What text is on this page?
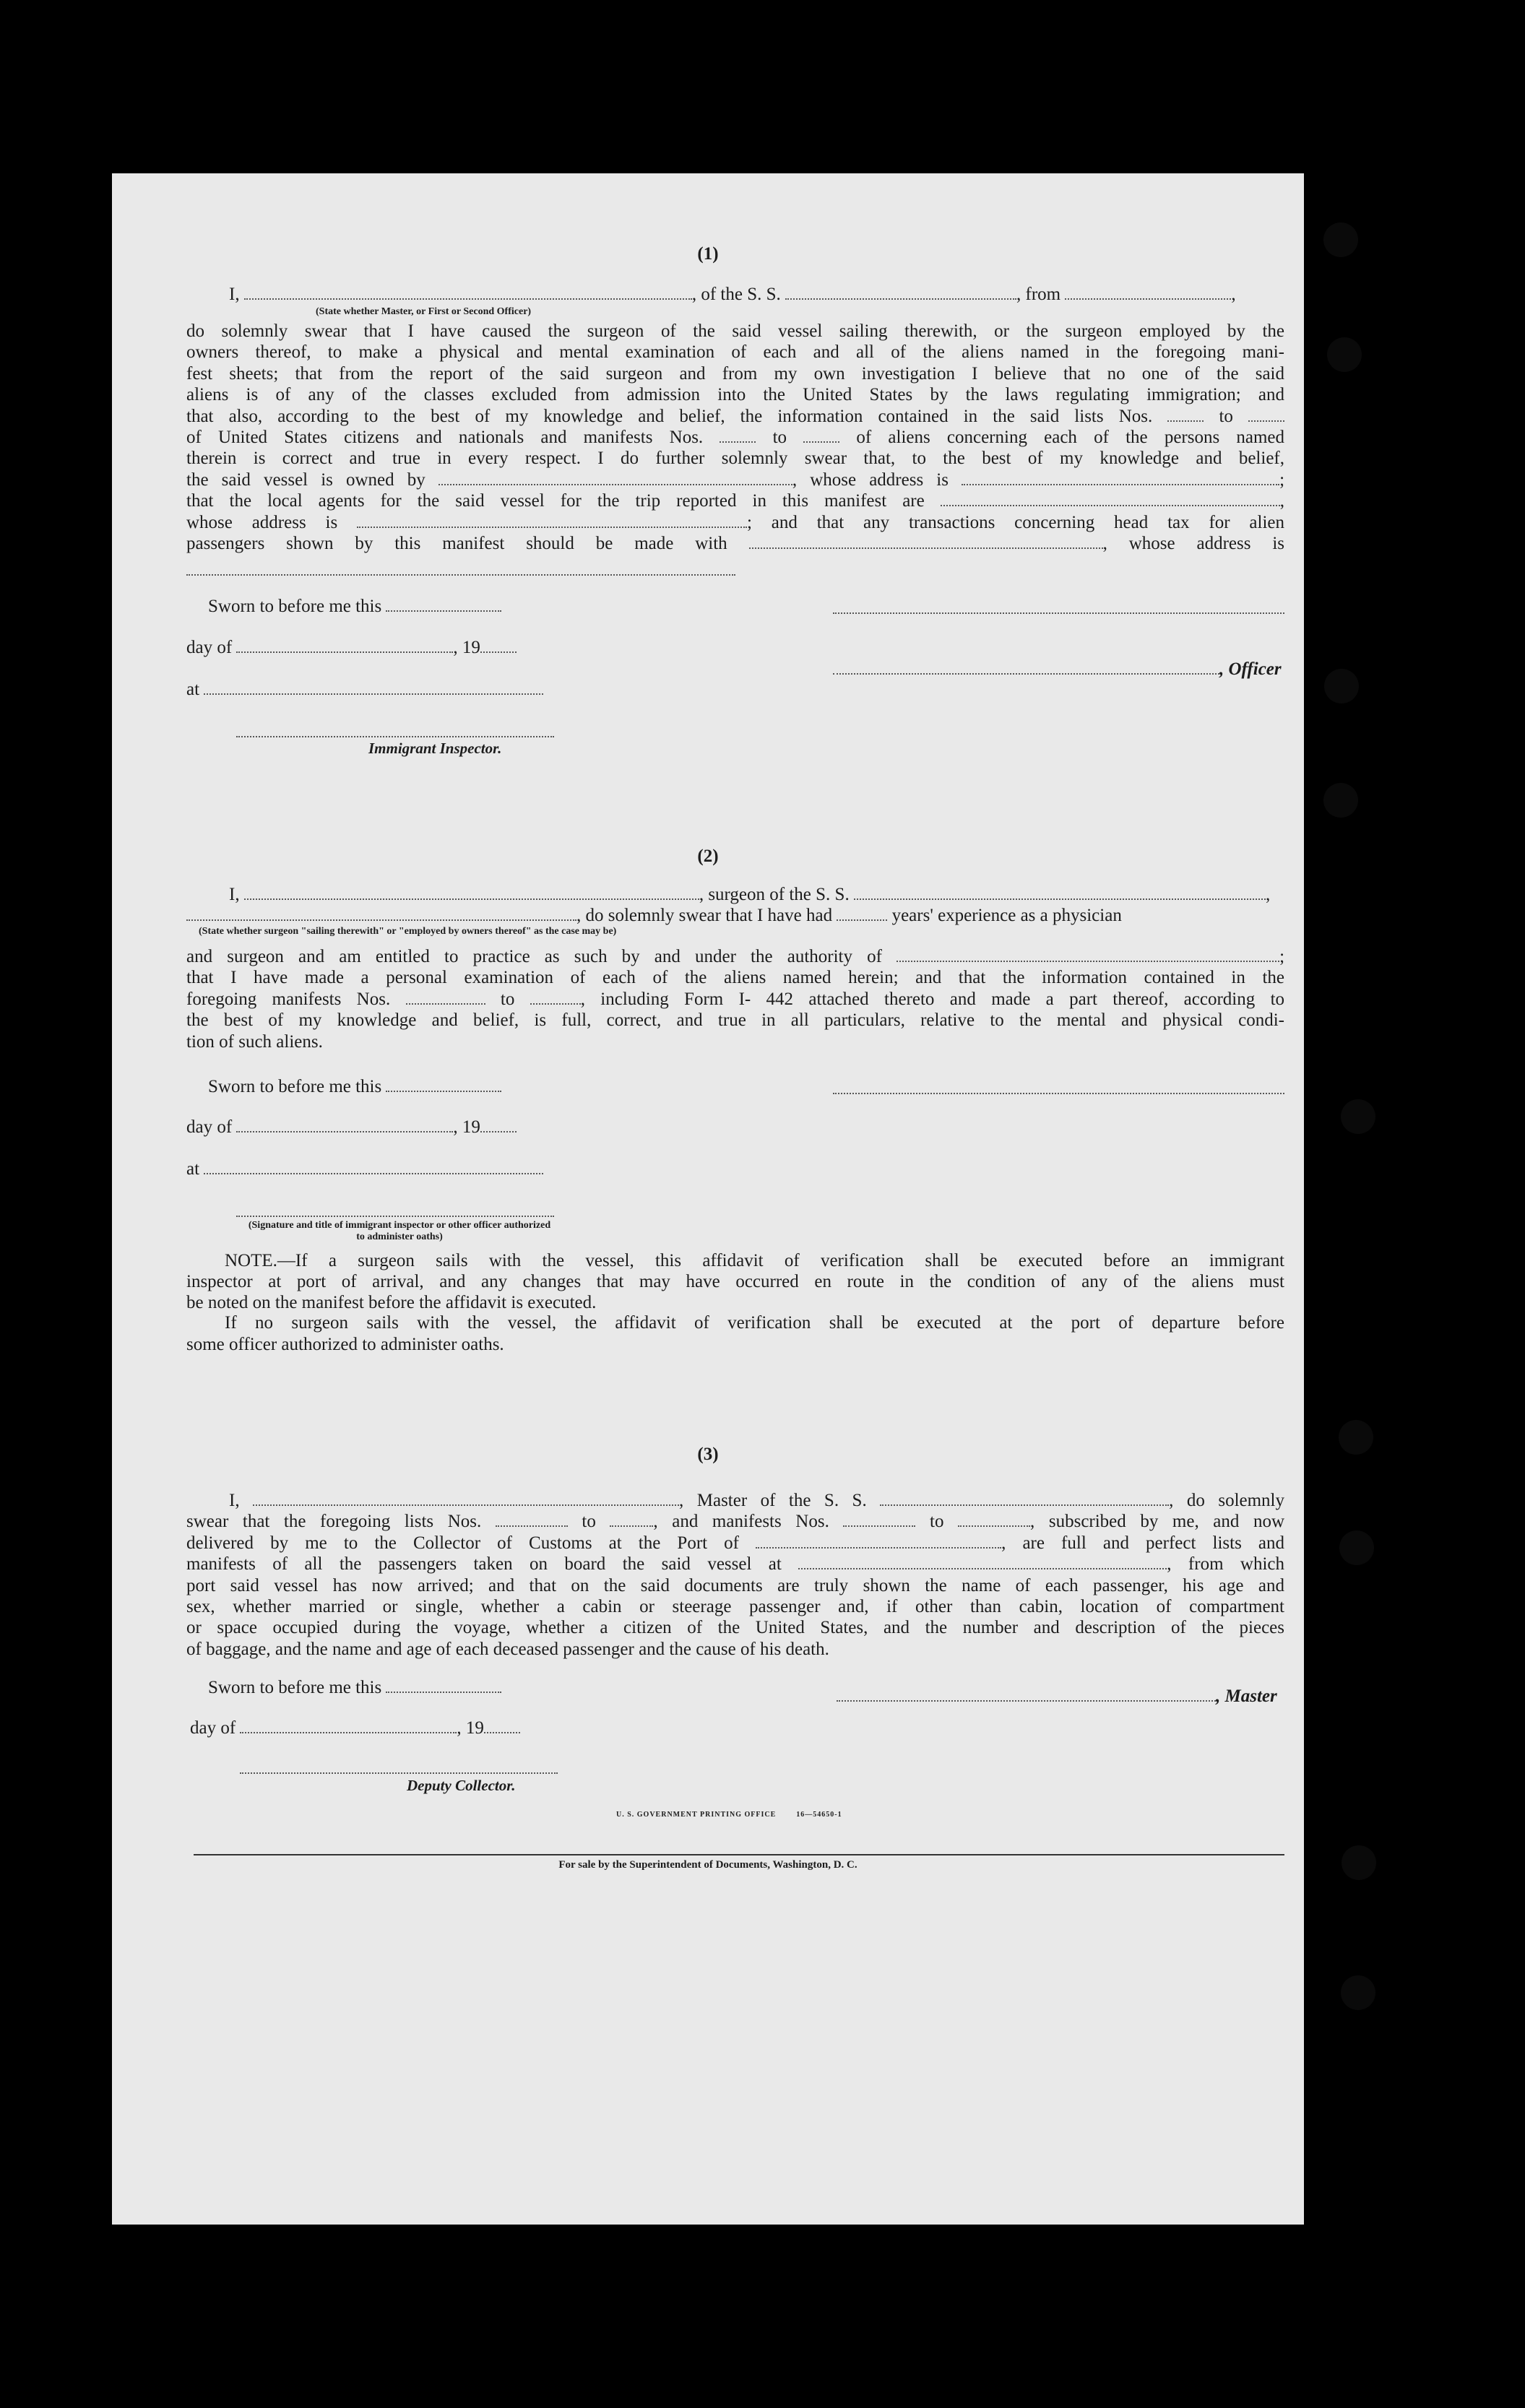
(1)
I,	, of the S. S.	, from	,
(State whether Master, or First or Second Officer)
do solemnly swear that I have caused the surgeon of the said vessel sailing therewith, or the surgeon employed by the
owners thereof, to make a physical and mental examination of each and all of the aliens named in the foregoing mani-
fest sheets; that from the report of the said surgeon and from my own investigation I believe that no one of the said
aliens is of any of the classes excluded from admission into the United States by the laws regulating immigration; and
that also, according to the best of my knowledge and belief, the information contained in the said lists Nos.	to
of United States citizens and nationals and manifests Nos.	to	of aliens concerning each of the persons named
therein is correct and true in every respect. I do further solemnly swear that, to the best of my knowledge and belief,
the said vessel is owned by	, whose address is	;
that the local agents for the said vessel for the trip reported in this manifest are	,
whose address is	; and that any transactions concerning head tax for alien
passengers shown by this manifest should be made with	, whose address is
Sworn to before me this
day of	, 19
, Officer
at
Immigrant Inspector.
(2)
I,	, surgeon of the S. S.	,
, do solemnly swear that I have had	years' experience as a physician
(State whether surgeon "sailing therewith" or "employed by owners thereof" as the case may be)
and surgeon and am entitled to practice as such by and under the authority of	;
that I have made a personal examination of each of the aliens named herein; and that the information contained in the
foregoing manifests Nos.	to	, including Form I- 442 attached thereto and made a part thereof, according to
the best of my knowledge and belief, is full, correct, and true in all particulars, relative to the mental and physical condi-
tion of such aliens.
Sworn to before me this
day of	, 19
at
(Signature and title of immigrant inspector or other officer authorized to administer oaths)
NOTE.—If a surgeon sails with the vessel, this affidavit of verification shall be executed before an immigrant
inspector at port of arrival, and any changes that may have occurred en route in the condition of any of the aliens must
be noted on the manifest before the affidavit is executed.
If no surgeon sails with the vessel, the affidavit of verification shall be executed at the port of departure before
some officer authorized to administer oaths.
(3)
I,	, Master of the S. S.	, do solemnly
swear that the foregoing lists Nos.	to	, and manifests Nos.	to	, subscribed by me, and now
delivered by me to the Collector of Customs at the Port of	, are full and perfect lists and
manifests of all the passengers taken on board the said vessel at	, from which
port said vessel has now arrived; and that on the said documents are truly shown the name of each passenger, his age and
sex, whether married or single, whether a cabin or steerage passenger and, if other than cabin, location of compartment
or space occupied during the voyage, whether a citizen of the United States, and the number and description of the pieces
of baggage, and the name and age of each deceased passenger and the cause of his death.
Sworn to before me this	, Master
day of	, 19
Deputy Collector.
U. S. GOVERNMENT PRINTING OFFICE        16—54650-1
For sale by the Superintendent of Documents, Washington, D. C.
